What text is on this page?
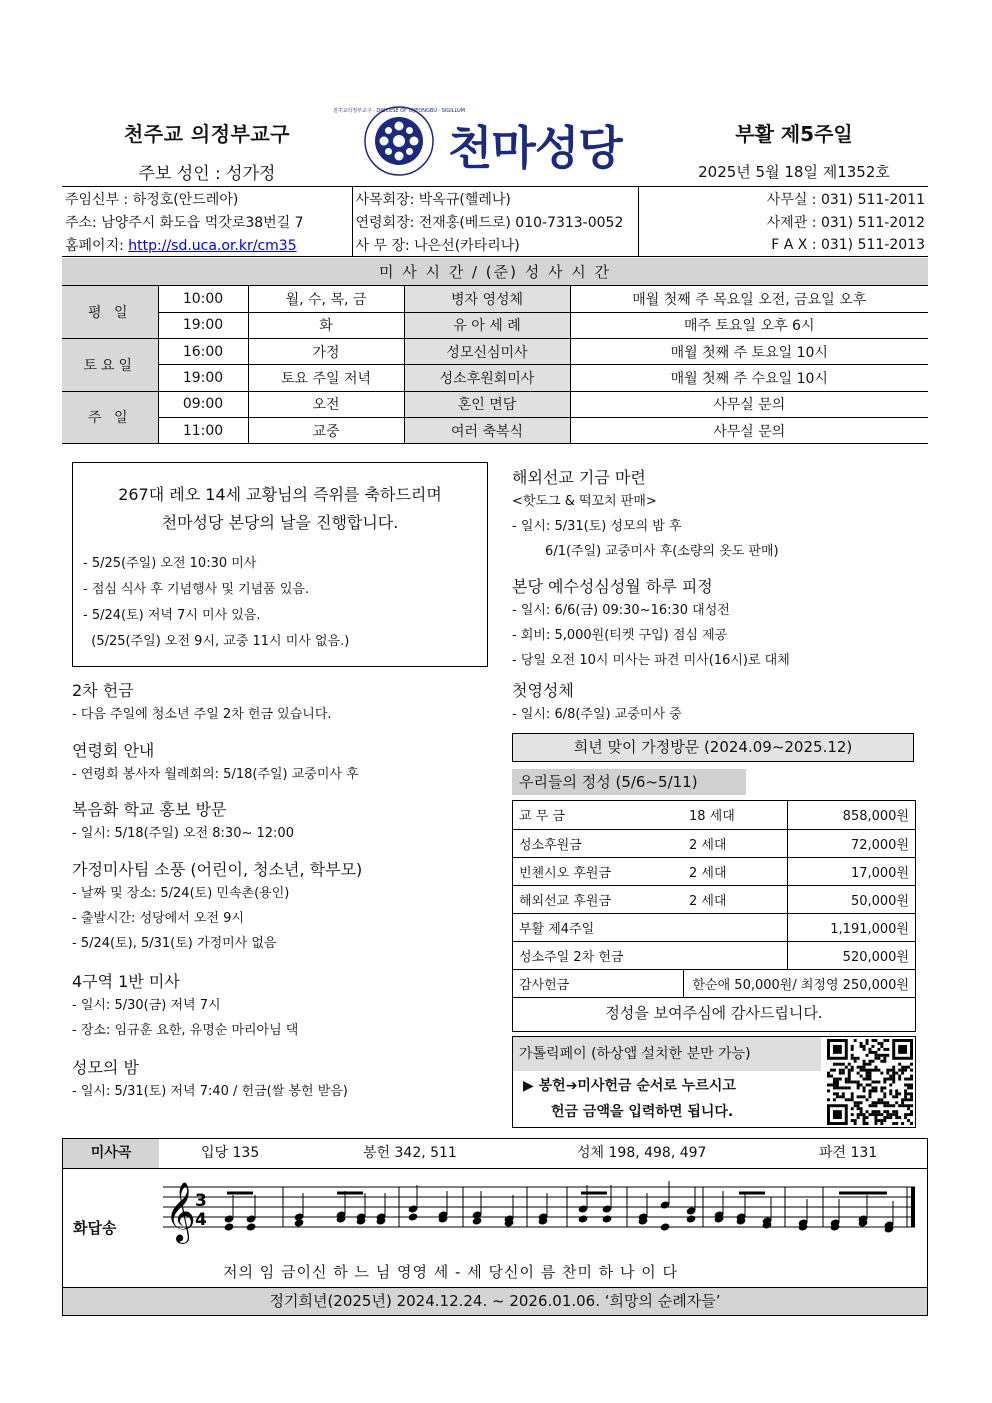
천주교 의정부교구
주보 성인 : 성가정
천주교의정부교구 · DIOCESE OF UIJEONGBU · SIGILLUM
천마성당	부활 제5주일
2025년 5월 18일 제1352호
주임신부 : 하정호(안드레아)	사목회장: 박옥규(헬레나)	사무실 : 031) 511-2011
주소: 남양주시 화도읍 먹갓로38번길 7	연령회장: 전재홍(베드로) 010-7313-0052	사제관 : 031) 511-2012
홈페이지: http://sd.uca.or.kr/cm35	사 무 장: 나은선(카타리나)	F A X : 031) 511-2013
미 사 시 간 / (준) 성 사 시 간
평 일	10:00	월, 수, 목, 금	병자 영성체	매월 첫째 주 목요일 오전, 금요일 오후
	19:00	화	유 아 세 례	매주 토요일 오후 6시
토요일	16:00	가정	성모신심미사	매월 첫째 주 토요일 10시
	19:00	토요 주일 저녁	성소후원회미사	매월 첫째 주 수요일 10시
주 일	09:00	오전	혼인 면담	사무실 문의
	11:00	교중	여러 축복식	사무실 문의
267대 레오 14세 교황님의 즉위를 축하드리며
천마성당 본당의 날을 진행합니다.
- 5/25(주일) 오전 10:30 미사
- 점심 식사 후 기념행사 및 기념품 있음.
- 5/24(토) 저녁 7시 미사 있음.
(5/25(주일) 오전 9시, 교중 11시 미사 없음.)
2차 헌금
- 다음 주일에 청소년 주일 2차 헌금 있습니다.
연령회 안내
- 연령회 봉사자 월례회의: 5/18(주일) 교중미사 후
복음화 학교 홍보 방문
- 일시: 5/18(주일) 오전 8:30~ 12:00
가정미사팀 소풍 (어린이, 청소년, 학부모)
- 날짜 및 장소: 5/24(토) 민속촌(용인)
- 출발시간: 성당에서 오전 9시
- 5/24(토), 5/31(토) 가정미사 없음
4구역 1반 미사
- 일시: 5/30(금) 저녁 7시
- 장소: 임규훈 요한, 유명순 마리아님 댁
성모의 밤
- 일시: 5/31(토) 저녁 7:40 / 헌금(쌀 봉헌 받음)
해외선교 기금 마련
<핫도그 & 떡꼬치 판매>
- 일시: 5/31(토) 성모의 밤 후
6/1(주일) 교중미사 후(소량의 옷도 판매)
본당 예수성심성월 하루 피정
- 일시: 6/6(금) 09:30~16:30 대성전
- 회비: 5,000원(티켓 구입) 점심 제공
- 당일 오전 10시 미사는 파견 미사(16시)로 대체
첫영성체
- 일시: 6/8(주일) 교중미사 중
희년 맞이 가정방문 (2024.09~2025.12)
우리들의 정성 (5/6~5/11)
교 무 금	18 세대	858,000원
성소후원금	2 세대	72,000원
빈첸시오 후원금	2 세대	17,000원
해외선교 후원금	2 세대	50,000원
부활 제4주일		1,191,000원
성소주일 2차 헌금		520,000원
감사헌금	한순애 50,000원/ 최정영 250,000원	
정성을 보여주심에 감사드립니다.
가톨릭페이 (하상앱 설치한 분만 가능)
▶ 봉헌➔미사헌금 순서로 누르시고
헌금 금액을 입력하면 됩니다.
미사곡	입당 135	봉헌 342, 511	성체 198, 498, 497	파견 131
화답송 𝄞 3
4
저의 임 금이신 하 느 님 영영 세 - 세 당신이 름 찬미 하 나 이 다
정기희년(2025년) 2024.12.24. ~ 2026.01.06. ‘희망의 순례자들’
